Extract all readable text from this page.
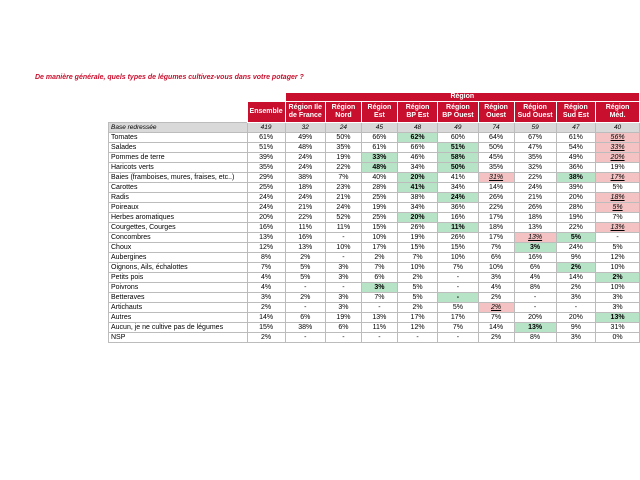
De manière générale, quels types de légumes cultivez-vous dans votre potager ?
		Région								
	Ensemble	Région Ile de France	Région Nord	Région Est	Région BP Est	Région BP Ouest	Région Ouest	Région Sud Ouest	Région Sud Est	Région Méd.
Base redressée	419	32	24	45	48	49	74	59	47	40
Tomates	61%	49%	50%	66%	62%	60%	64%	67%	61%	56%
Salades	51%	48%	35%	61%	66%	51%	50%	47%	54%	33%
Pommes de terre	39%	24%	19%	33%	46%	58%	45%	35%	49%	20%
Haricots verts	35%	24%	22%	48%	34%	50%	35%	32%	36%	19%
Baies (framboises, mures, fraises, etc..)	29%	38%	7%	40%	20%	41%	31%	22%	38%	17%
Carottes	25%	18%	23%	28%	41%	34%	14%	24%	39%	5%
Radis	24%	24%	21%	25%	38%	24%	26%	21%	20%	18%
Poireaux	24%	21%	24%	19%	34%	36%	22%	26%	28%	5%
Herbes aromatiques	20%	22%	52%	25%	20%	16%	17%	18%	19%	7%
Courgettes, Courges	16%	11%	11%	15%	26%	11%	18%	13%	22%	13%
Concombres	13%	16%	-	10%	19%	26%	17%	13%	5%	-
Choux	12%	13%	10%	17%	15%	15%	7%	3%	24%	5%
Aubergines	8%	2%	-	2%	7%	10%	6%	16%	9%	12%
Oignons, Ails, échalottes	7%	5%	3%	7%	10%	7%	10%	6%	2%	10%
Petits pois	4%	5%	3%	6%	2%	-	3%	4%	14%	2%
Poivrons	4%	-	-	3%	5%	-	4%	8%	2%	10%
Betteraves	3%	2%	3%	7%	5%	-	2%	-	3%	3%
Artichauts	2%	-	3%	-	2%	5%	2%	-	-	3%
Autres	14%	6%	19%	13%	17%	17%	7%	20%	20%	13%
Aucun, je ne cultive pas de légumes	15%	38%	6%	11%	12%	7%	14%	13%	9%	31%
NSP	2%	-	-	-	-	-	2%	8%	3%	0%
